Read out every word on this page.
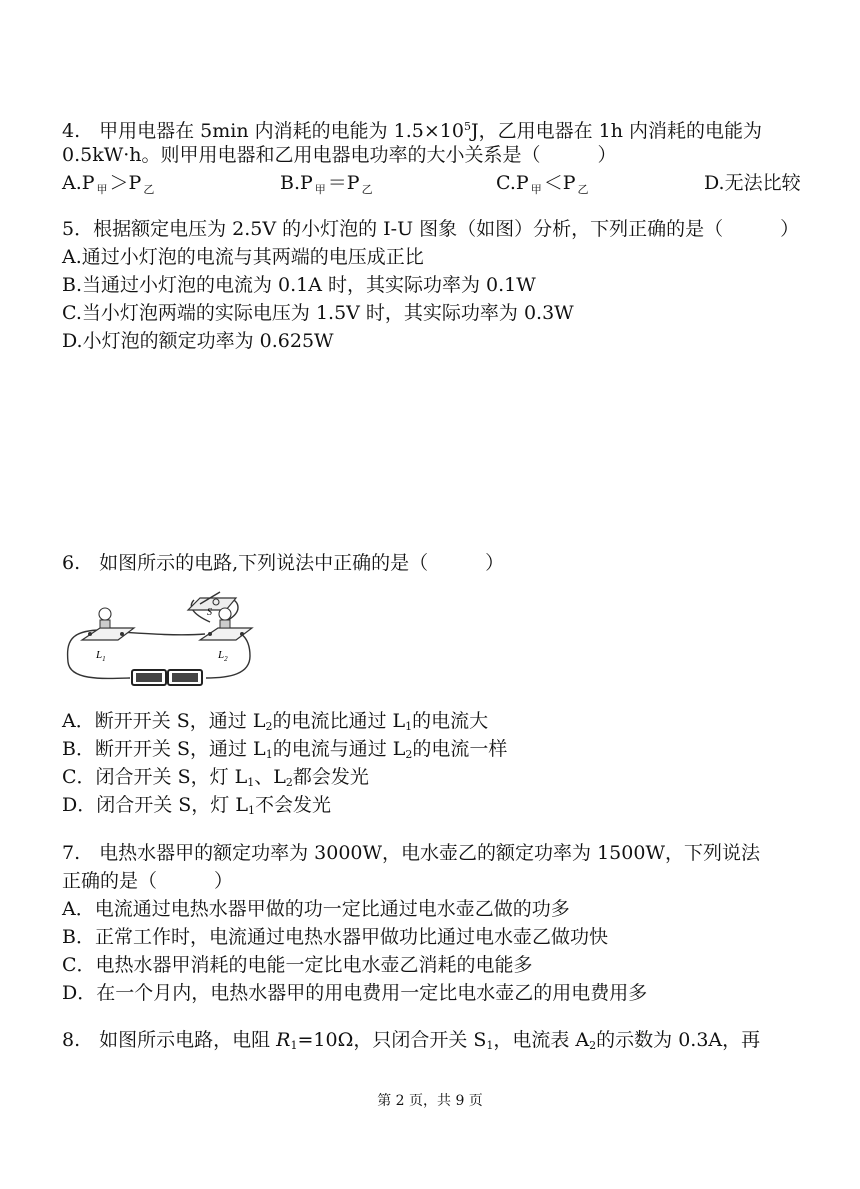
4.　甲用电器在 5min 内消耗的电能为 $1.5\times 10^5J$，乙用电器在 1h 内消耗的电能为
0.5kW·h。则甲用电器和乙用电器电功率的大小关系是（　　　）
A.P $_甲$ ＞P $_乙$	B.P $_甲$ ＝P $_乙$	C.P $_甲$ ＜P $_乙$	D.无法比较
5．根据额定电压为 2.5V 的小灯泡的 I-U 图象（如图）分析，下列正确的是（　　　）
A.通过小灯泡的电流与其两端的电压成正比
B.当通过小灯泡的电流为 0.1A 时，其实际功率为 0.1W
C.当小灯泡两端的实际电压为 1.5V 时，其实际功率为 0.3W
D.小灯泡的额定功率为 0.625W
6.　如图所示的电路,下列说法中正确的是（　　　）
S
$L_1$	$L_2$
A．断开开关 S，通过 $L_2$的电流比通过 $L_1$的电流大
B．断开开关 S，通过 $L_1$的电流与通过 $L_2$的电流一样
C．闭合开关 S，灯 $L_1$、$L_2$都会发光
D．闭合开关 S，灯 $L_1$不会发光
7.　电热水器甲的额定功率为 3000W，电水壶乙的额定功率为 1500W，下列说法
正确的是（　　　）
A．电流通过电热水器甲做的功一定比通过电水壶乙做的功多
B．正常工作时，电流通过电热水器甲做功比通过电水壶乙做功快
C．电热水器甲消耗的电能一定比电水壶乙消耗的电能多
D．在一个月内，电热水器甲的用电费用一定比电水壶乙的用电费用多
8.　如图所示电路，电阻 $R_1=10\Omega$，只闭合开关 $S_1$，电流表 $A_2$的示数为 0.3A，再
第 2 页，共 9 页
